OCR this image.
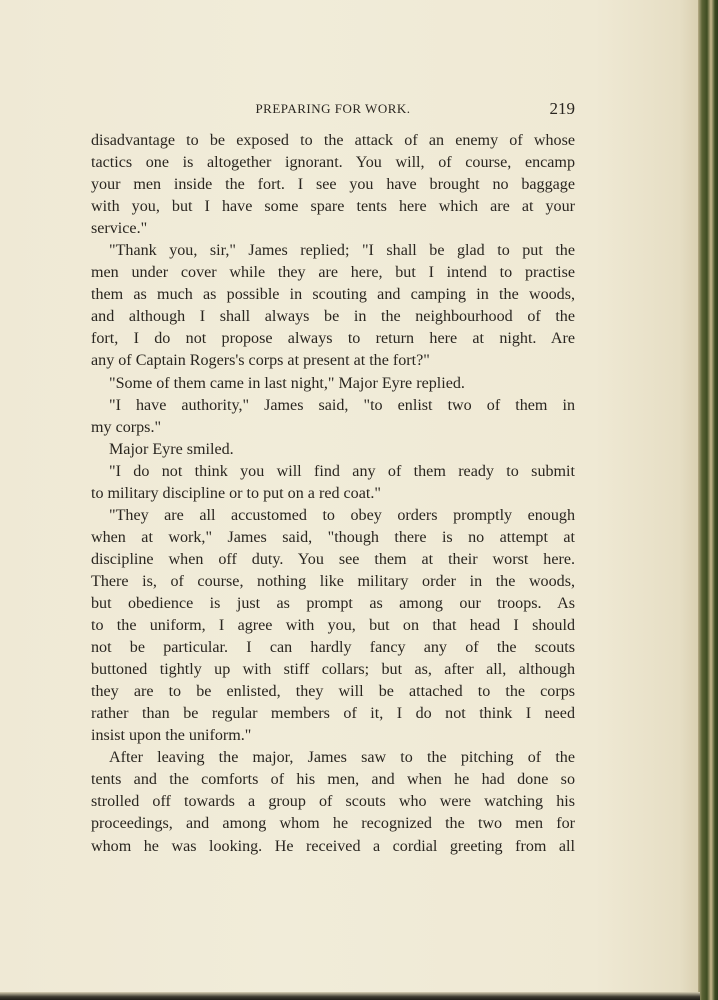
PREPARING FOR WORK.	219
disadvantage to be exposed to the attack of an enemy of whose
tactics one is altogether ignorant. You will, of course, encamp
your men inside the fort. I see you have brought no baggage
with you, but I have some spare tents here which are at your
service."
"Thank you, sir," James replied; "I shall be glad to put the
men under cover while they are here, but I intend to practise
them as much as possible in scouting and camping in the woods,
and although I shall always be in the neighbourhood of the
fort, I do not propose always to return here at night. Are
any of Captain Rogers's corps at present at the fort?"
"Some of them came in last night," Major Eyre replied.
"I have authority," James said, "to enlist two of them in
my corps."
Major Eyre smiled.
"I do not think you will find any of them ready to submit
to military discipline or to put on a red coat."
"They are all accustomed to obey orders promptly enough
when at work," James said, "though there is no attempt at
discipline when off duty. You see them at their worst here.
There is, of course, nothing like military order in the woods,
but obedience is just as prompt as among our troops. As
to the uniform, I agree with you, but on that head I should
not be particular. I can hardly fancy any of the scouts
buttoned tightly up with stiff collars; but as, after all, although
they are to be enlisted, they will be attached to the corps
rather than be regular members of it, I do not think I need
insist upon the uniform."
After leaving the major, James saw to the pitching of the
tents and the comforts of his men, and when he had done so
strolled off towards a group of scouts who were watching his
proceedings, and among whom he recognized the two men for
whom he was looking. He received a cordial greeting from all
